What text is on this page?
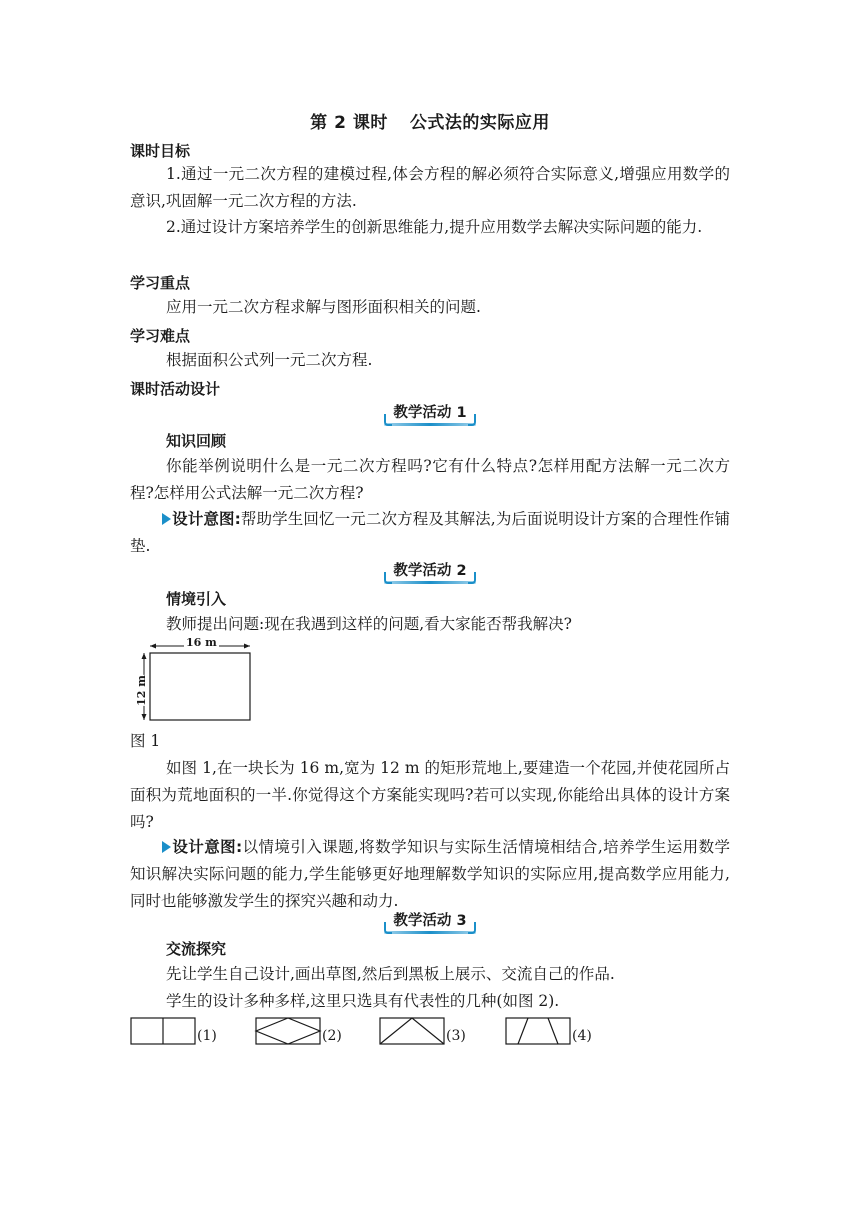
第 2 课时 公式法的实际应用
课时目标
1.通过一元二次方程的建模过程,体会方程的解必须符合实际意义,增强应用数学的意识,巩固解一元二次方程的方法.
2.通过设计方案培养学生的创新思维能力,提升应用数学去解决实际问题的能力.
学习重点
应用一元二次方程求解与图形面积相关的问题.
学习难点
根据面积公式列一元二次方程.
课时活动设计
教学活动 1
知识回顾
你能举例说明什么是一元二次方程吗?它有什么特点?怎样用配方法解一元二次方程?怎样用公式法解一元二次方程?
设计意图:帮助学生回忆一元二次方程及其解法,为后面说明设计方案的合理性作铺垫.
教学活动 2
情境引入
教师提出问题:现在我遇到这样的问题,看大家能否帮我解决?
16 m
12 m
图 1
如图 1,在一块长为 16 m,宽为 12 m 的矩形荒地上,要建造一个花园,并使花园所占面积为荒地面积的一半.你觉得这个方案能实现吗?若可以实现,你能给出具体的设计方案吗?
设计意图:以情境引入课题,将数学知识与实际生活情境相结合,培养学生运用数学知识解决实际问题的能力,学生能够更好地理解数学知识的实际应用,提高数学应用能力,同时也能够激发学生的探究兴趣和动力.
教学活动 3
交流探究
先让学生自己设计,画出草图,然后到黑板上展示、交流自己的作品.
学生的设计多种多样,这里只选具有代表性的几种(如图 2).
(1)	(2)	(3)	(4)
